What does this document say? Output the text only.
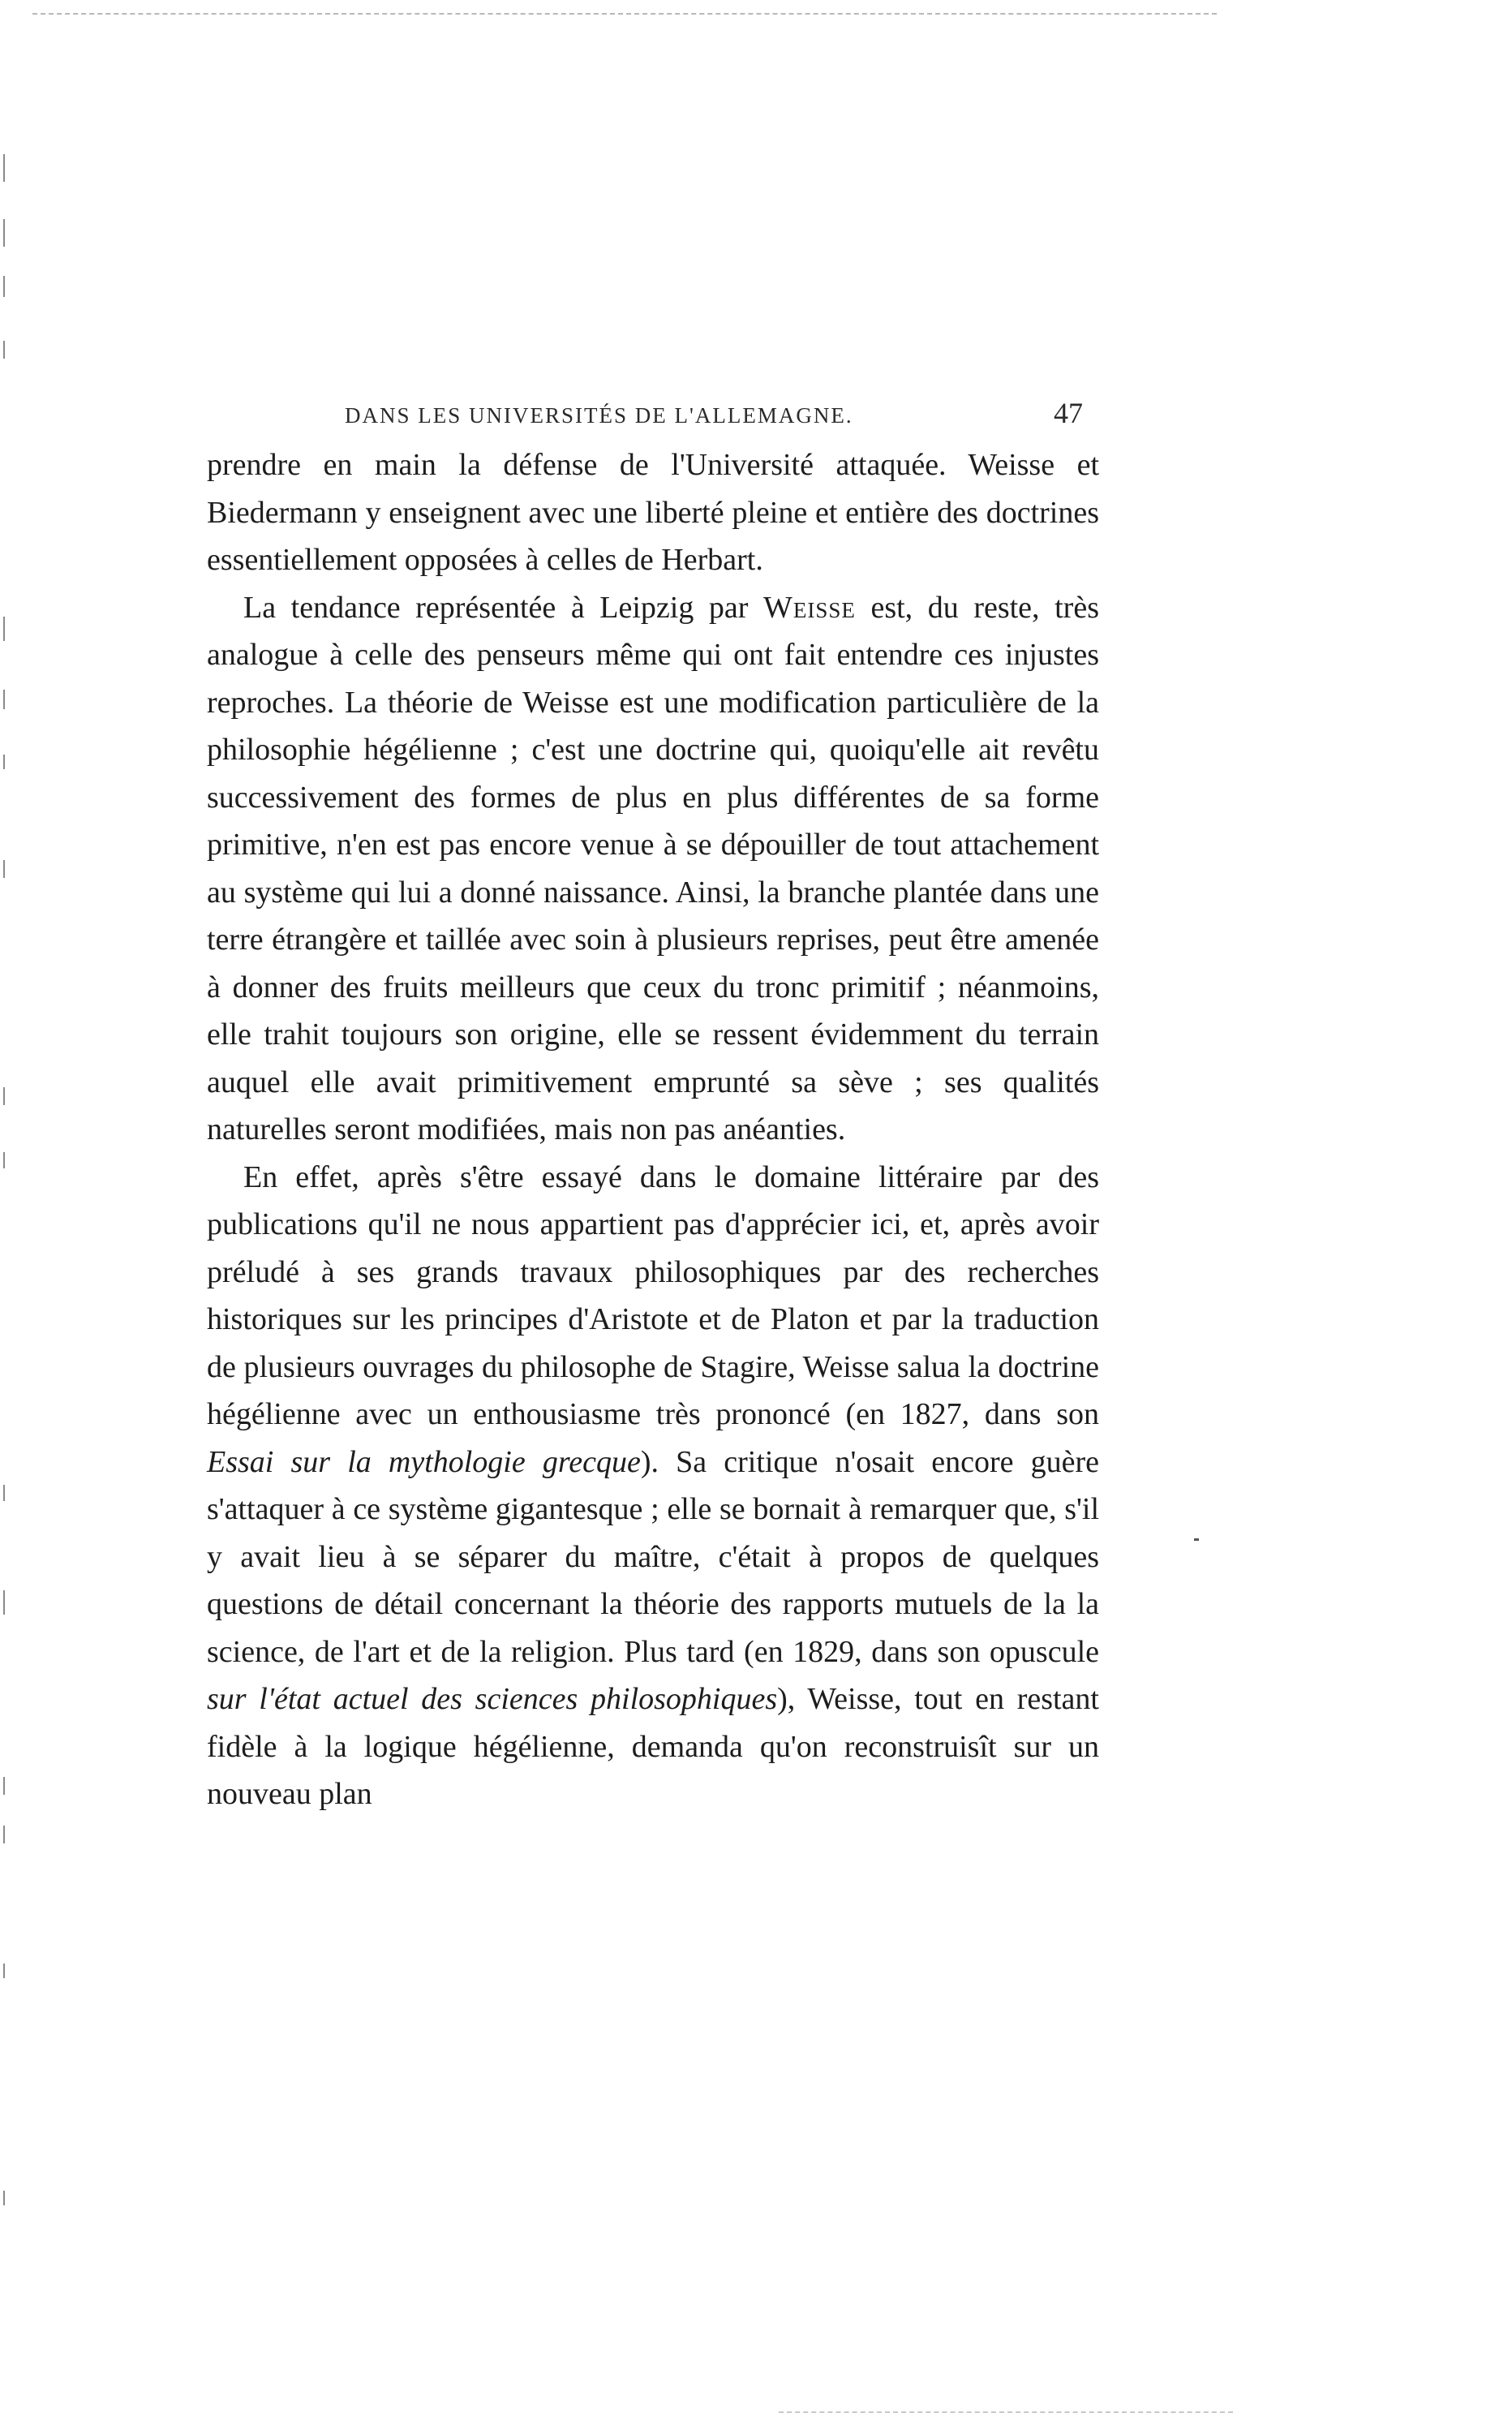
DANS LES UNIVERSITÉS DE L'ALLEMAGNE.	47

prendre en main la défense de l'Université attaquée. Weisse et Biedermann y enseignent avec une liberté pleine et entière des doctrines essentiellement opposées à celles de Herbart.

La tendance représentée à Leipzig par Weisse est, du reste, très analogue à celle des penseurs même qui ont fait entendre ces injustes reproches. La théorie de Weisse est une modification particulière de la philosophie hégélienne ; c'est une doctrine qui, quoiqu'elle ait revêtu successivement des formes de plus en plus différentes de sa forme primitive, n'en est pas encore venue à se dépouiller de tout attachement au système qui lui a donné naissance. Ainsi, la branche plantée dans une terre étrangère et taillée avec soin à plusieurs reprises, peut être amenée à donner des fruits meilleurs que ceux du tronc primitif ; néanmoins, elle trahit toujours son origine, elle se ressent évidemment du terrain auquel elle avait primitivement emprunté sa sève ; ses qualités naturelles seront modifiées, mais non pas anéanties.

En effet, après s'être essayé dans le domaine littéraire par des publications qu'il ne nous appartient pas d'apprécier ici, et, après avoir préludé à ses grands travaux philosophiques par des recherches historiques sur les principes d'Aristote et de Platon et par la traduction de plusieurs ouvrages du philosophe de Stagire, Weisse salua la doctrine hégélienne avec un enthousiasme très prononcé (en 1827, dans son Essai sur la mythologie grecque). Sa critique n'osait encore guère s'attaquer à ce système gigantesque ; elle se bornait à remarquer que, s'il y avait lieu à se séparer du maître, c'était à propos de quelques questions de détail concernant la théorie des rapports mutuels de la la science, de l'art et de la religion. Plus tard (en 1829, dans son opuscule sur l'état actuel des sciences philosophiques), Weisse, tout en restant fidèle à la logique hégélienne, demanda qu'on reconstruisît sur un nouveau plan
